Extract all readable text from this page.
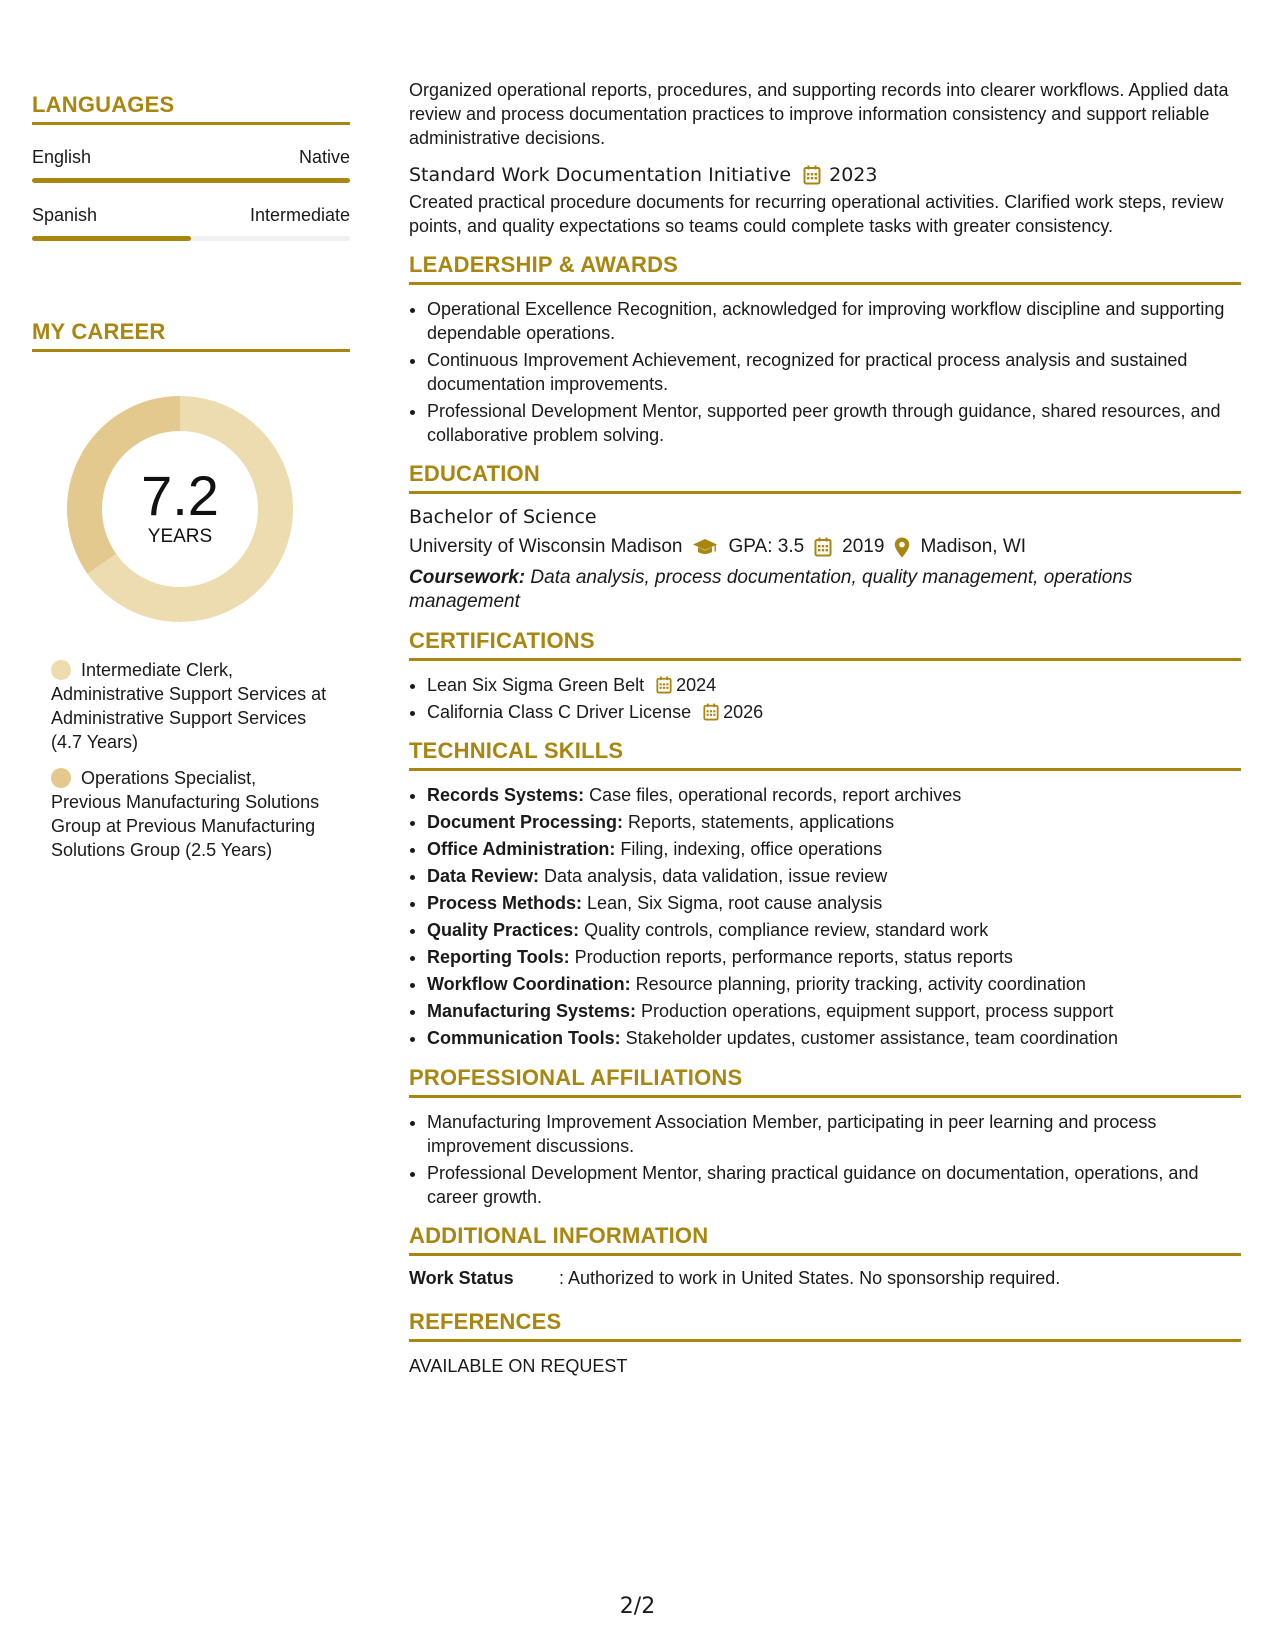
LANGUAGES
English	Native
Spanish	Intermediate
MY CAREER
7.2
YEARS
Intermediate Clerk, Administrative Support Services at Administrative Support Services (4.7 Years)
Operations Specialist, Previous Manufacturing Solutions Group at Previous Manufacturing Solutions Group (2.5 Years)

Organized operational reports, procedures, and supporting records into clearer workflows. Applied data review and process documentation practices to improve information consistency and support reliable administrative decisions.

Standard Work Documentation Initiative 2023

Created practical procedure documents for recurring operational activities. Clarified work steps, review points, and quality expectations so teams could complete tasks with greater consistency.

LEADERSHIP & AWARDS
• Operational Excellence Recognition, acknowledged for improving workflow discipline and supporting dependable operations.
• Continuous Improvement Achievement, recognized for practical process analysis and sustained documentation improvements.
• Professional Development Mentor, supported peer growth through guidance, shared resources, and collaborative problem solving.
EDUCATION
Bachelor of Science
University of Wisconsin Madison GPA: 3.5 2019 Madison, WI
Coursework: Data analysis, process documentation, quality management, operations management
CERTIFICATIONS
• Lean Six Sigma Green Belt 2024
• California Class C Driver License 2026
TECHNICAL SKILLS
• Records Systems: Case files, operational records, report archives
• Document Processing: Reports, statements, applications
• Office Administration: Filing, indexing, office operations
• Data Review: Data analysis, data validation, issue review
• Process Methods: Lean, Six Sigma, root cause analysis
• Quality Practices: Quality controls, compliance review, standard work
• Reporting Tools: Production reports, performance reports, status reports
• Workflow Coordination: Resource planning, priority tracking, activity coordination
• Manufacturing Systems: Production operations, equipment support, process support
• Communication Tools: Stakeholder updates, customer assistance, team coordination
PROFESSIONAL AFFILIATIONS
• Manufacturing Improvement Association Member, participating in peer learning and process improvement discussions.
• Professional Development Mentor, sharing practical guidance on documentation, operations, and career growth.
ADDITIONAL INFORMATION
Work Status	: Authorized to work in United States. No sponsorship required.
REFERENCES

AVAILABLE ON REQUEST

2/2
